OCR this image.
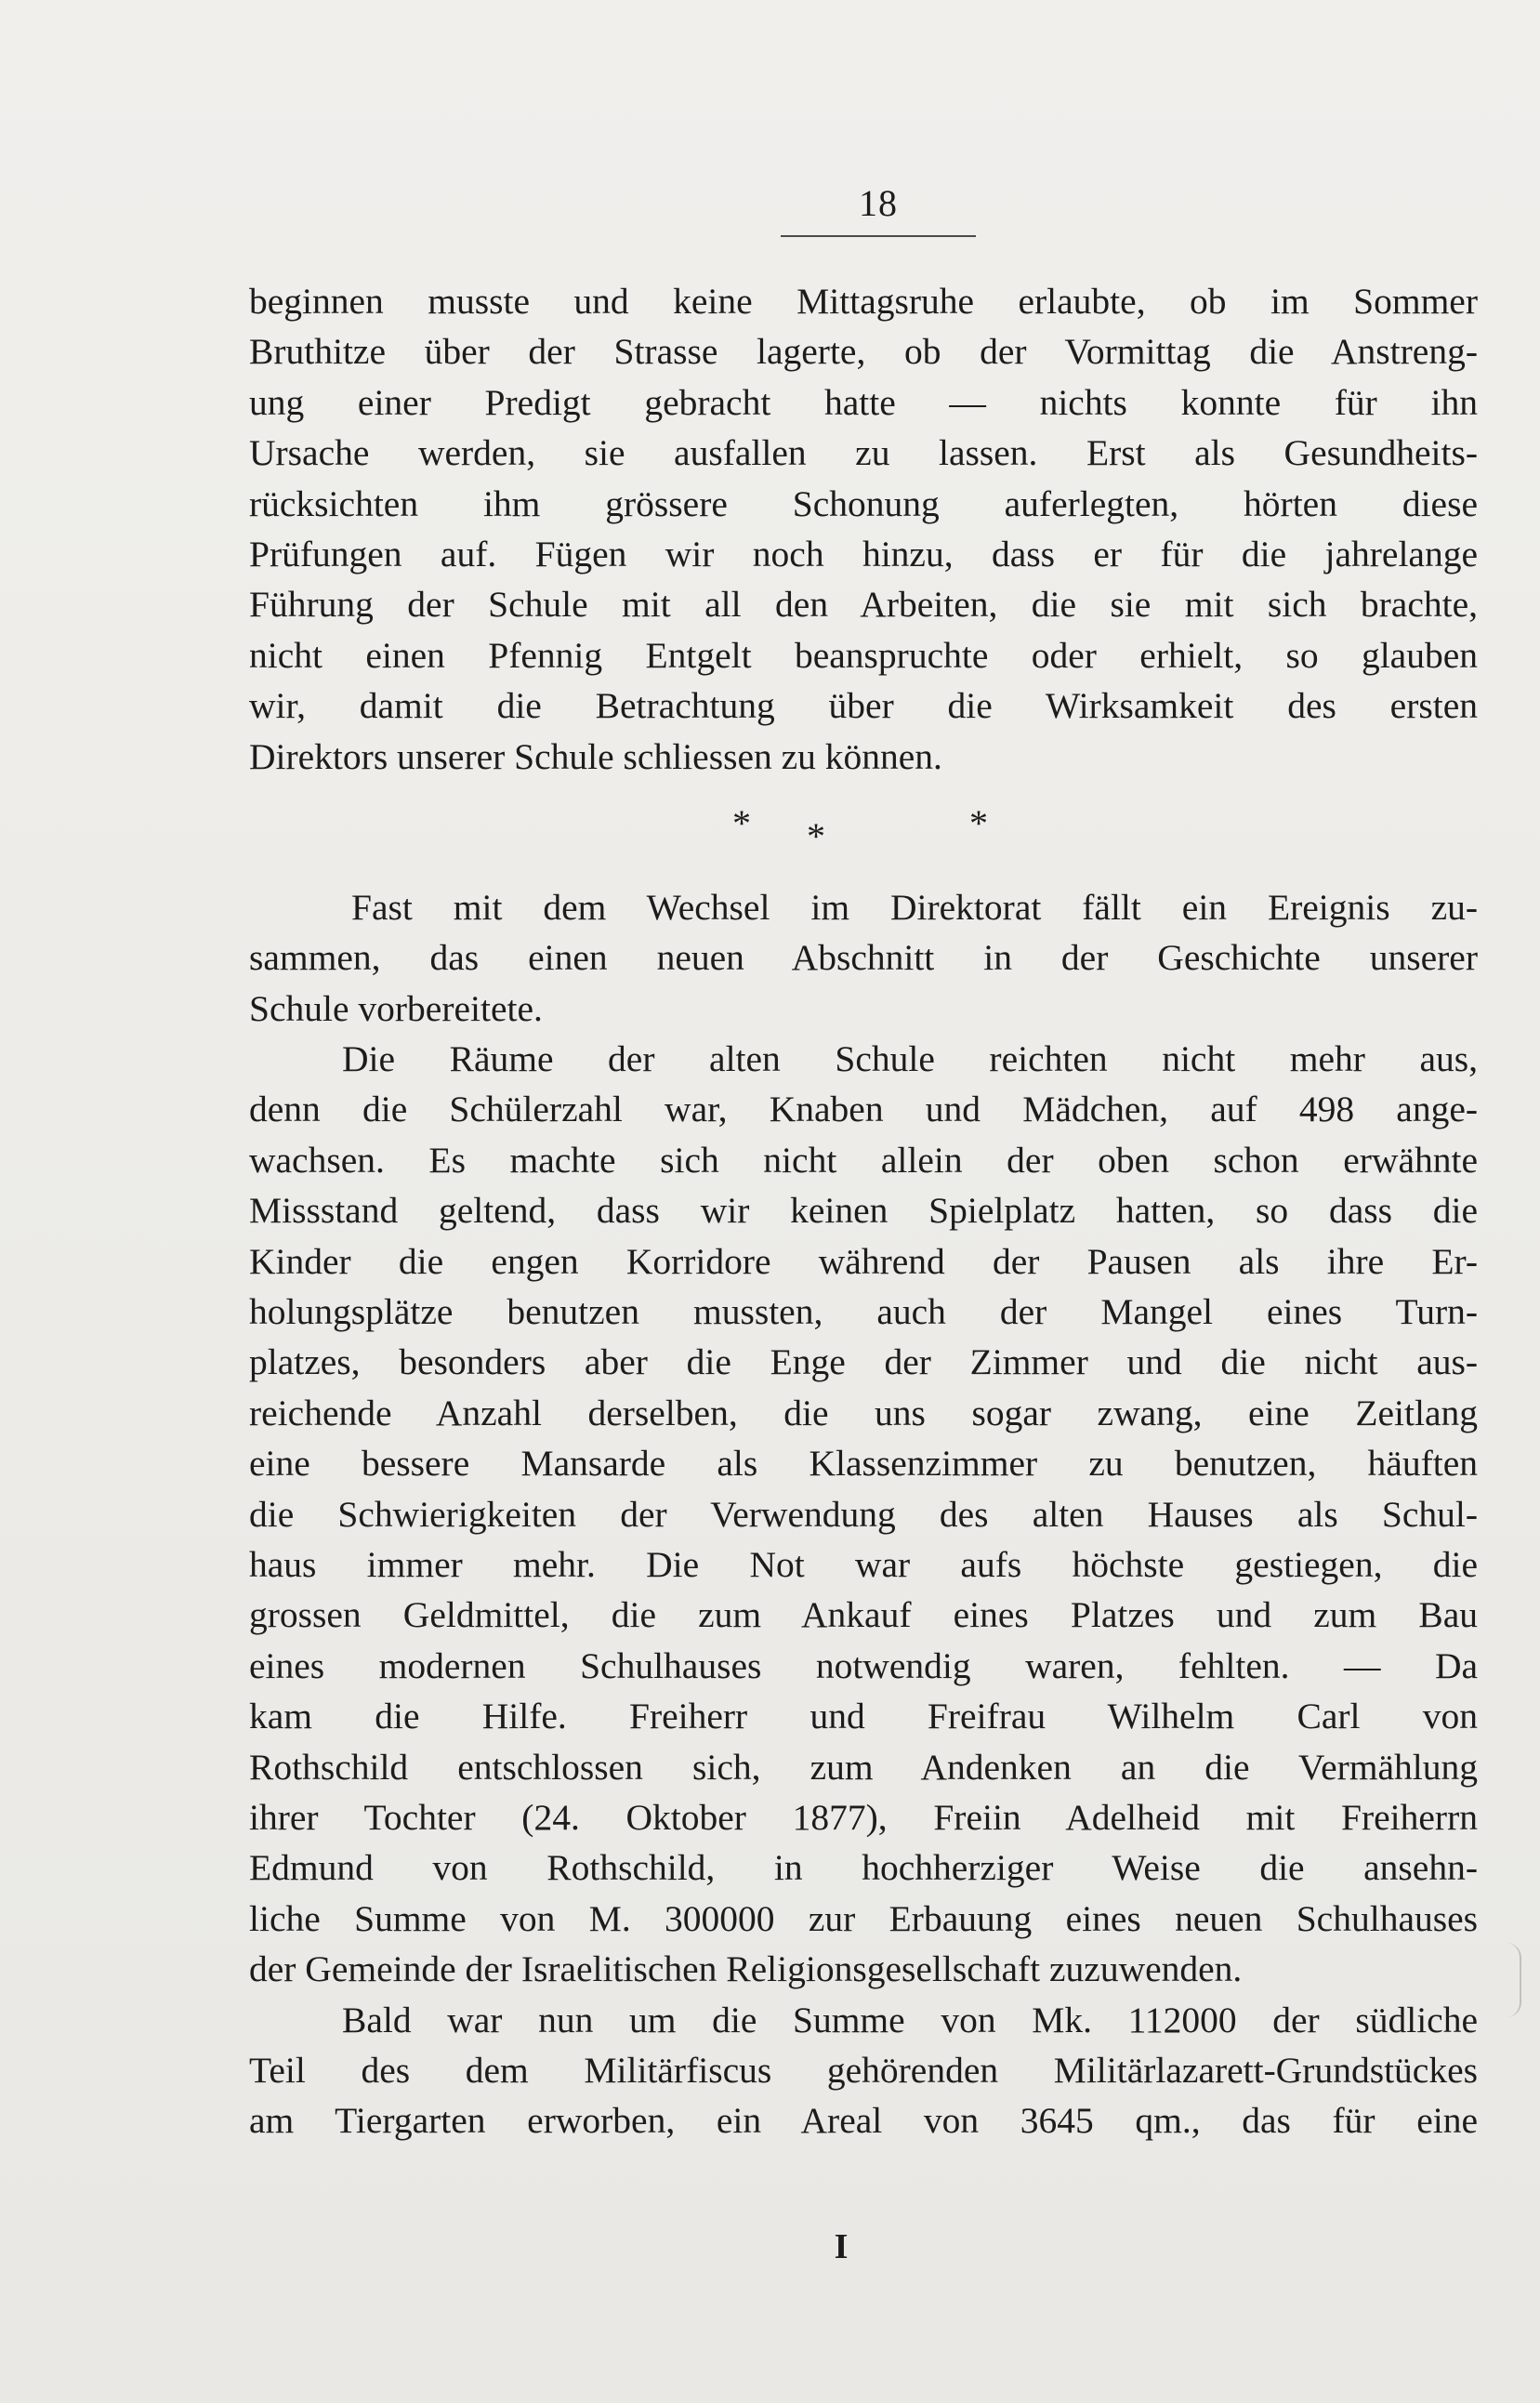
18
beginnen musste und keine Mittagsruhe erlaubte, ob im Sommer
Bruthitze über der Strasse lagerte, ob der Vormittag die Anstreng-
ung einer Predigt gebracht hatte — nichts konnte für ihn
Ursache werden, sie ausfallen zu lassen. Erst als Gesundheits-
rücksichten ihm grössere Schonung auferlegten, hörten diese
Prüfungen auf. Fügen wir noch hinzu, dass er für die jahrelange
Führung der Schule mit all den Arbeiten, die sie mit sich brachte,
nicht einen Pfennig Entgelt beanspruchte oder erhielt, so glauben
wir, damit die Betrachtung über die Wirksamkeit des ersten
Direktors unserer Schule schliessen zu können.
* *	*
Fast mit dem Wechsel im Direktorat fällt ein Ereignis zu-
sammen, das einen neuen Abschnitt in der Geschichte unserer
Schule vorbereitete.
Die Räume der alten Schule reichten nicht mehr aus,
denn die Schülerzahl war, Knaben und Mädchen, auf 498 ange-
wachsen. Es machte sich nicht allein der oben schon erwähnte
Missstand geltend, dass wir keinen Spielplatz hatten, so dass die
Kinder die engen Korridore während der Pausen als ihre Er-
holungsplätze benutzen mussten, auch der Mangel eines Turn-
platzes, besonders aber die Enge der Zimmer und die nicht aus-
reichende Anzahl derselben, die uns sogar zwang, eine Zeitlang
eine bessere Mansarde als Klassenzimmer zu benutzen, häuften
die Schwierigkeiten der Verwendung des alten Hauses als Schul-
haus immer mehr. Die Not war aufs höchste gestiegen, die
grossen Geldmittel, die zum Ankauf eines Platzes und zum Bau
eines modernen Schulhauses notwendig waren, fehlten. — Da
kam die Hilfe. Freiherr und Freifrau Wilhelm Carl von
Rothschild entschlossen sich, zum Andenken an die Vermählung
ihrer Tochter (24. Oktober 1877), Freiin Adelheid mit Freiherrn
Edmund von Rothschild, in hochherziger Weise die ansehn-
liche Summe von M. 300000 zur Erbauung eines neuen Schulhauses
der Gemeinde der Israelitischen Religionsgesellschaft zuzuwenden.
Bald war nun um die Summe von Mk. 112000 der südliche
Teil des dem Militärfiscus gehörenden Militärlazarett-Grundstückes
am Tiergarten erworben, ein Areal von 3645 qm., das für eine
I
